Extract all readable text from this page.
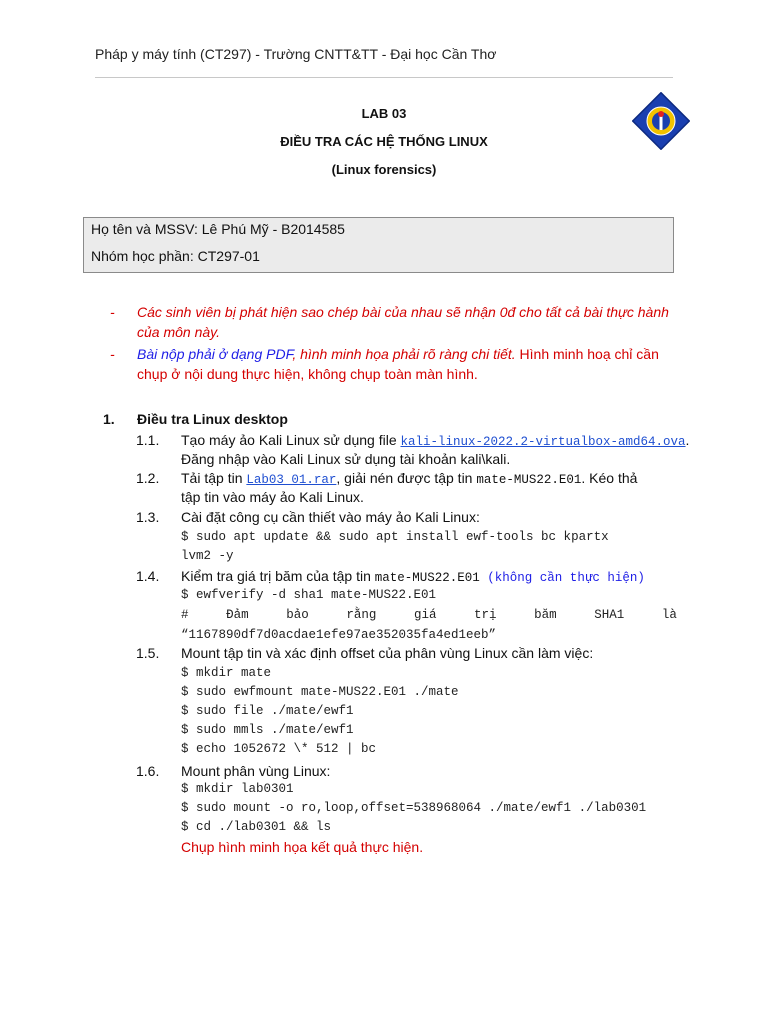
Pháp y máy tính (CT297) - Trường CNTT&TT - Đại học Cần Thơ
LAB 03
ĐIỀU TRA CÁC HỆ THỐNG LINUX
(Linux forensics)
Họ tên và MSSV: Lê Phú Mỹ - B2014585
Nhóm học phần: CT297-01
- Các sinh viên bị phát hiện sao chép bài của nhau sẽ nhận 0đ cho tất cả bài thực hành
của môn này.
- Bài nộp phải ở dạng PDF, hình minh họa phải rõ ràng chi tiết. Hình minh hoạ chỉ cần
chụp ở nội dung thực hiện, không chụp toàn màn hình.
1. Điều tra Linux desktop
1.1. Tạo máy ảo Kali Linux sử dụng file kali-linux-2022.2-virtualbox-amd64.ova.
Đăng nhập vào Kali Linux sử dụng tài khoản kali\kali.
1.2. Tải tập tin Lab03_01.rar, giải nén được tập tin mate-MUS22.E01. Kéo thả
tập tin vào máy ảo Kali Linux.
1.3. Cài đặt công cụ cần thiết vào máy ảo Kali Linux:
$ sudo apt update && sudo apt install ewf-tools bc kpartx
lvm2 -y
1.4. Kiểm tra giá trị băm của tập tin mate-MUS22.E01 (không cần thực hiện)
$ ewfverify -d sha1 mate-MUS22.E01
#	Đảm	bảo	rằng	giá	trị	băm	SHA1	là
“1167890df7d0acdae1efe97ae352035fa4ed1eeb”
1.5. Mount tập tin và xác định offset của phân vùng Linux cần làm việc:
$ mkdir mate
$ sudo ewfmount mate-MUS22.E01 ./mate
$ sudo file ./mate/ewf1
$ sudo mmls ./mate/ewf1
$ echo 1052672 \* 512 | bc
1.6. Mount phân vùng Linux:
$ mkdir lab0301
$ sudo mount -o ro,loop,offset=538968064 ./mate/ewf1 ./lab0301
$ cd ./lab0301 && ls
Chụp hình minh họa kết quả thực hiện.
